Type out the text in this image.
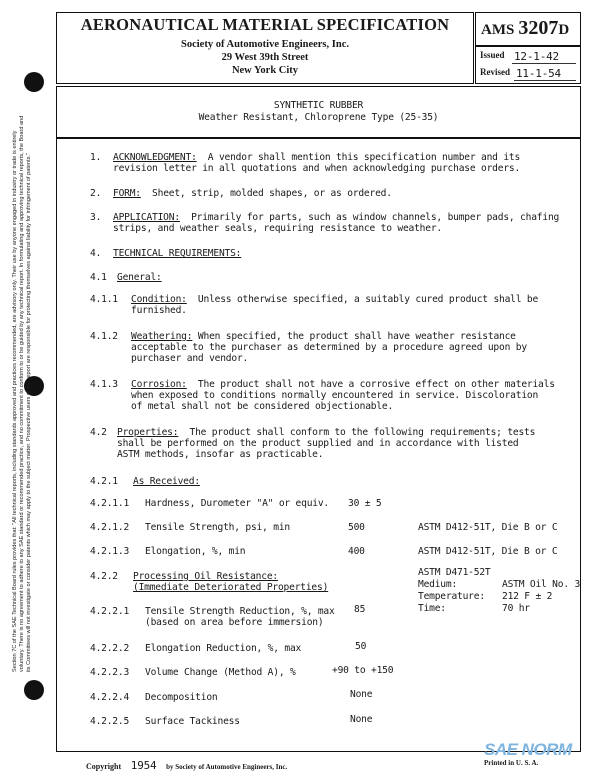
Section 7C of the SAE Technical Board rules provides that: "All technical reports, including standards approved and practices recommended, are advisory only. Their use by anyone engaged in industry or trade is entirely voluntary. There is no agreement to adhere to any SAE standard or recommended practice, and no commitment to conform to or be guided by any technical report. In formulating and approving technical reports, the Board and its Committees will not investigate or consider patents which may apply to the subject matter. Prospective users of the report are responsible for protecting themselves against liability for infringement of patents."
AERONAUTICAL MATERIAL SPECIFICATION
Society of Automotive Engineers, Inc.
29 West 39th Street
New York City
AMS 3207D
Issued 12-1-42
Revised 11-1-54
SYNTHETIC RUBBER
Weather Resistant, Chloroprene Type (25-35)
1. ACKNOWLEDGMENT: A vendor shall mention this specification number and its
revision letter in all quotations and when acknowledging purchase orders.
2. FORM: Sheet, strip, molded shapes, or as ordered.
3. APPLICATION: Primarily for parts, such as window channels, bumper pads, chafing
strips, and weather seals, requiring resistance to weather.
4. TECHNICAL REQUIREMENTS:
4.1 General:
4.1.1 Condition: Unless otherwise specified, a suitably cured product shall be
furnished.
4.1.2 Weathering: When specified, the product shall have weather resistance
acceptable to the purchaser as determined by a procedure agreed upon by
purchaser and vendor.
4.1.3 Corrosion: The product shall not have a corrosive effect on other materials
when exposed to conditions normally encountered in service. Discoloration
of metal shall not be considered objectionable.
4.2 Properties: The product shall conform to the following requirements; tests
shall be performed on the product supplied and in accordance with listed
ASTM methods, insofar as practicable.
4.2.1 As Received:
4.2.1.1 Hardness, Durometer "A" or equiv. 30 ± 5
4.2.1.2 Tensile Strength, psi, min	500	ASTM D412-51T, Die B or C
4.2.1.3 Elongation, %, min	400	ASTM D412-51T, Die B or C
4.2.2 Processing Oil Resistance:
(Immediate Deteriorated Properties)
ASTM D471-52T
Medium:	ASTM Oil No. 3
Temperature: 212 F ± 2
Time:	70 hr
4.2.2.1 Tensile Strength Reduction, %, max 85
(based on area before immersion)
4.2.2.2 Elongation Reduction, %, max	50
4.2.2.3 Volume Change (Method A), %	+90 to +150
4.2.2.4 Decomposition	None
4.2.2.5 Surface Tackiness	None
Copyright 1954 by Society of Automotive Engineers, Inc.
SAE NORM
Printed in U. S. A.
